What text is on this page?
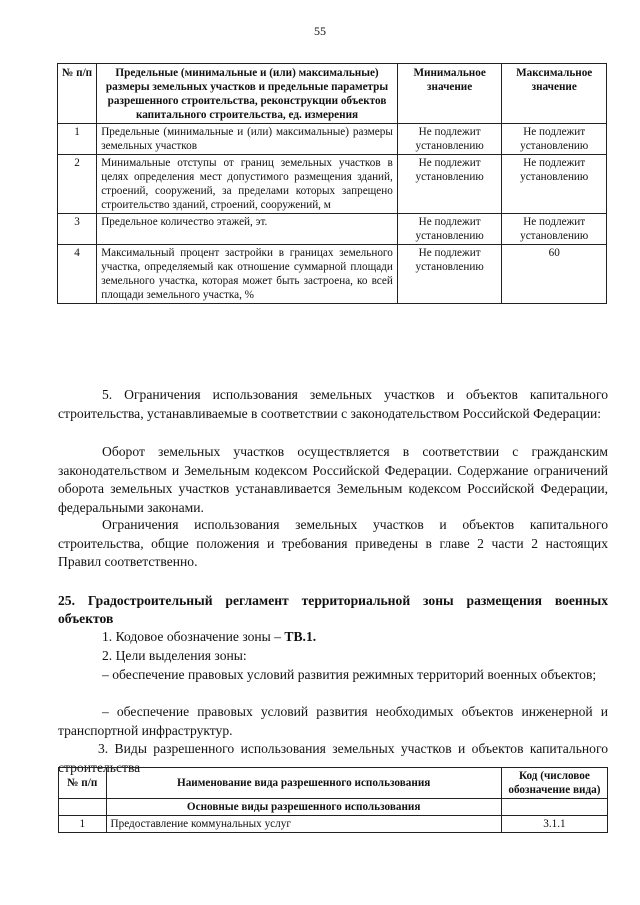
55
№ п/п	Предельные (минимальные и (или) максимальные) размеры земельных участков и предельные параметры разрешенного строительства, реконструкции объектов капитального строительства, ед. измерения	Минимальное значение	Максимальное значение
1	Предельные (минимальные и (или) максимальные) размеры земельных участков	Не подлежит установлению	Не подлежит установлению
2	Минимальные отступы от границ земельных участков в целях определения мест допустимого размещения зданий, строений, сооружений, за пределами которых запрещено строительство зданий, строений, сооружений, м	Не подлежит установлению	Не подлежит установлению
3	Предельное количество этажей, эт.	Не подлежит установлению	Не подлежит установлению
4	Максимальный процент застройки в границах земельного участка, определяемый как отношение суммарной площади земельного участка, которая может быть застроена, ко всей площади земельного участка, %	Не подлежит установлению	60

5. Ограничения использования земельных участков и объектов капитального строительства, устанавливаемые в соответствии с законодательством Российской Федерации:

Оборот земельных участков осуществляется в соответствии с гражданским законодательством и Земельным кодексом Российской Федерации. Содержание ограничений оборота земельных участков устанавливается Земельным кодексом Российской Федерации, федеральными законами.

Ограничения использования земельных участков и объектов капитального строительства, общие положения и требования приведены в главе 2 части 2 настоящих Правил соответственно.

25. Градостроительный регламент территориальной зоны размещения военных объектов

1. Кодовое обозначение зоны – ТВ.1.

2. Цели выделения зоны:

– обеспечение правовых условий развития режимных территорий военных объектов;

– обеспечение правовых условий развития необходимых объектов инженерной и транспортной инфраструктур.

3. Виды разрешенного использования земельных участков и объектов капитального строительства

№ п/п	Наименование вида разрешенного использования	Код (числовое обозначение вида)
	Основные виды разрешенного использования	
1	Предоставление коммунальных услуг	3.1.1
